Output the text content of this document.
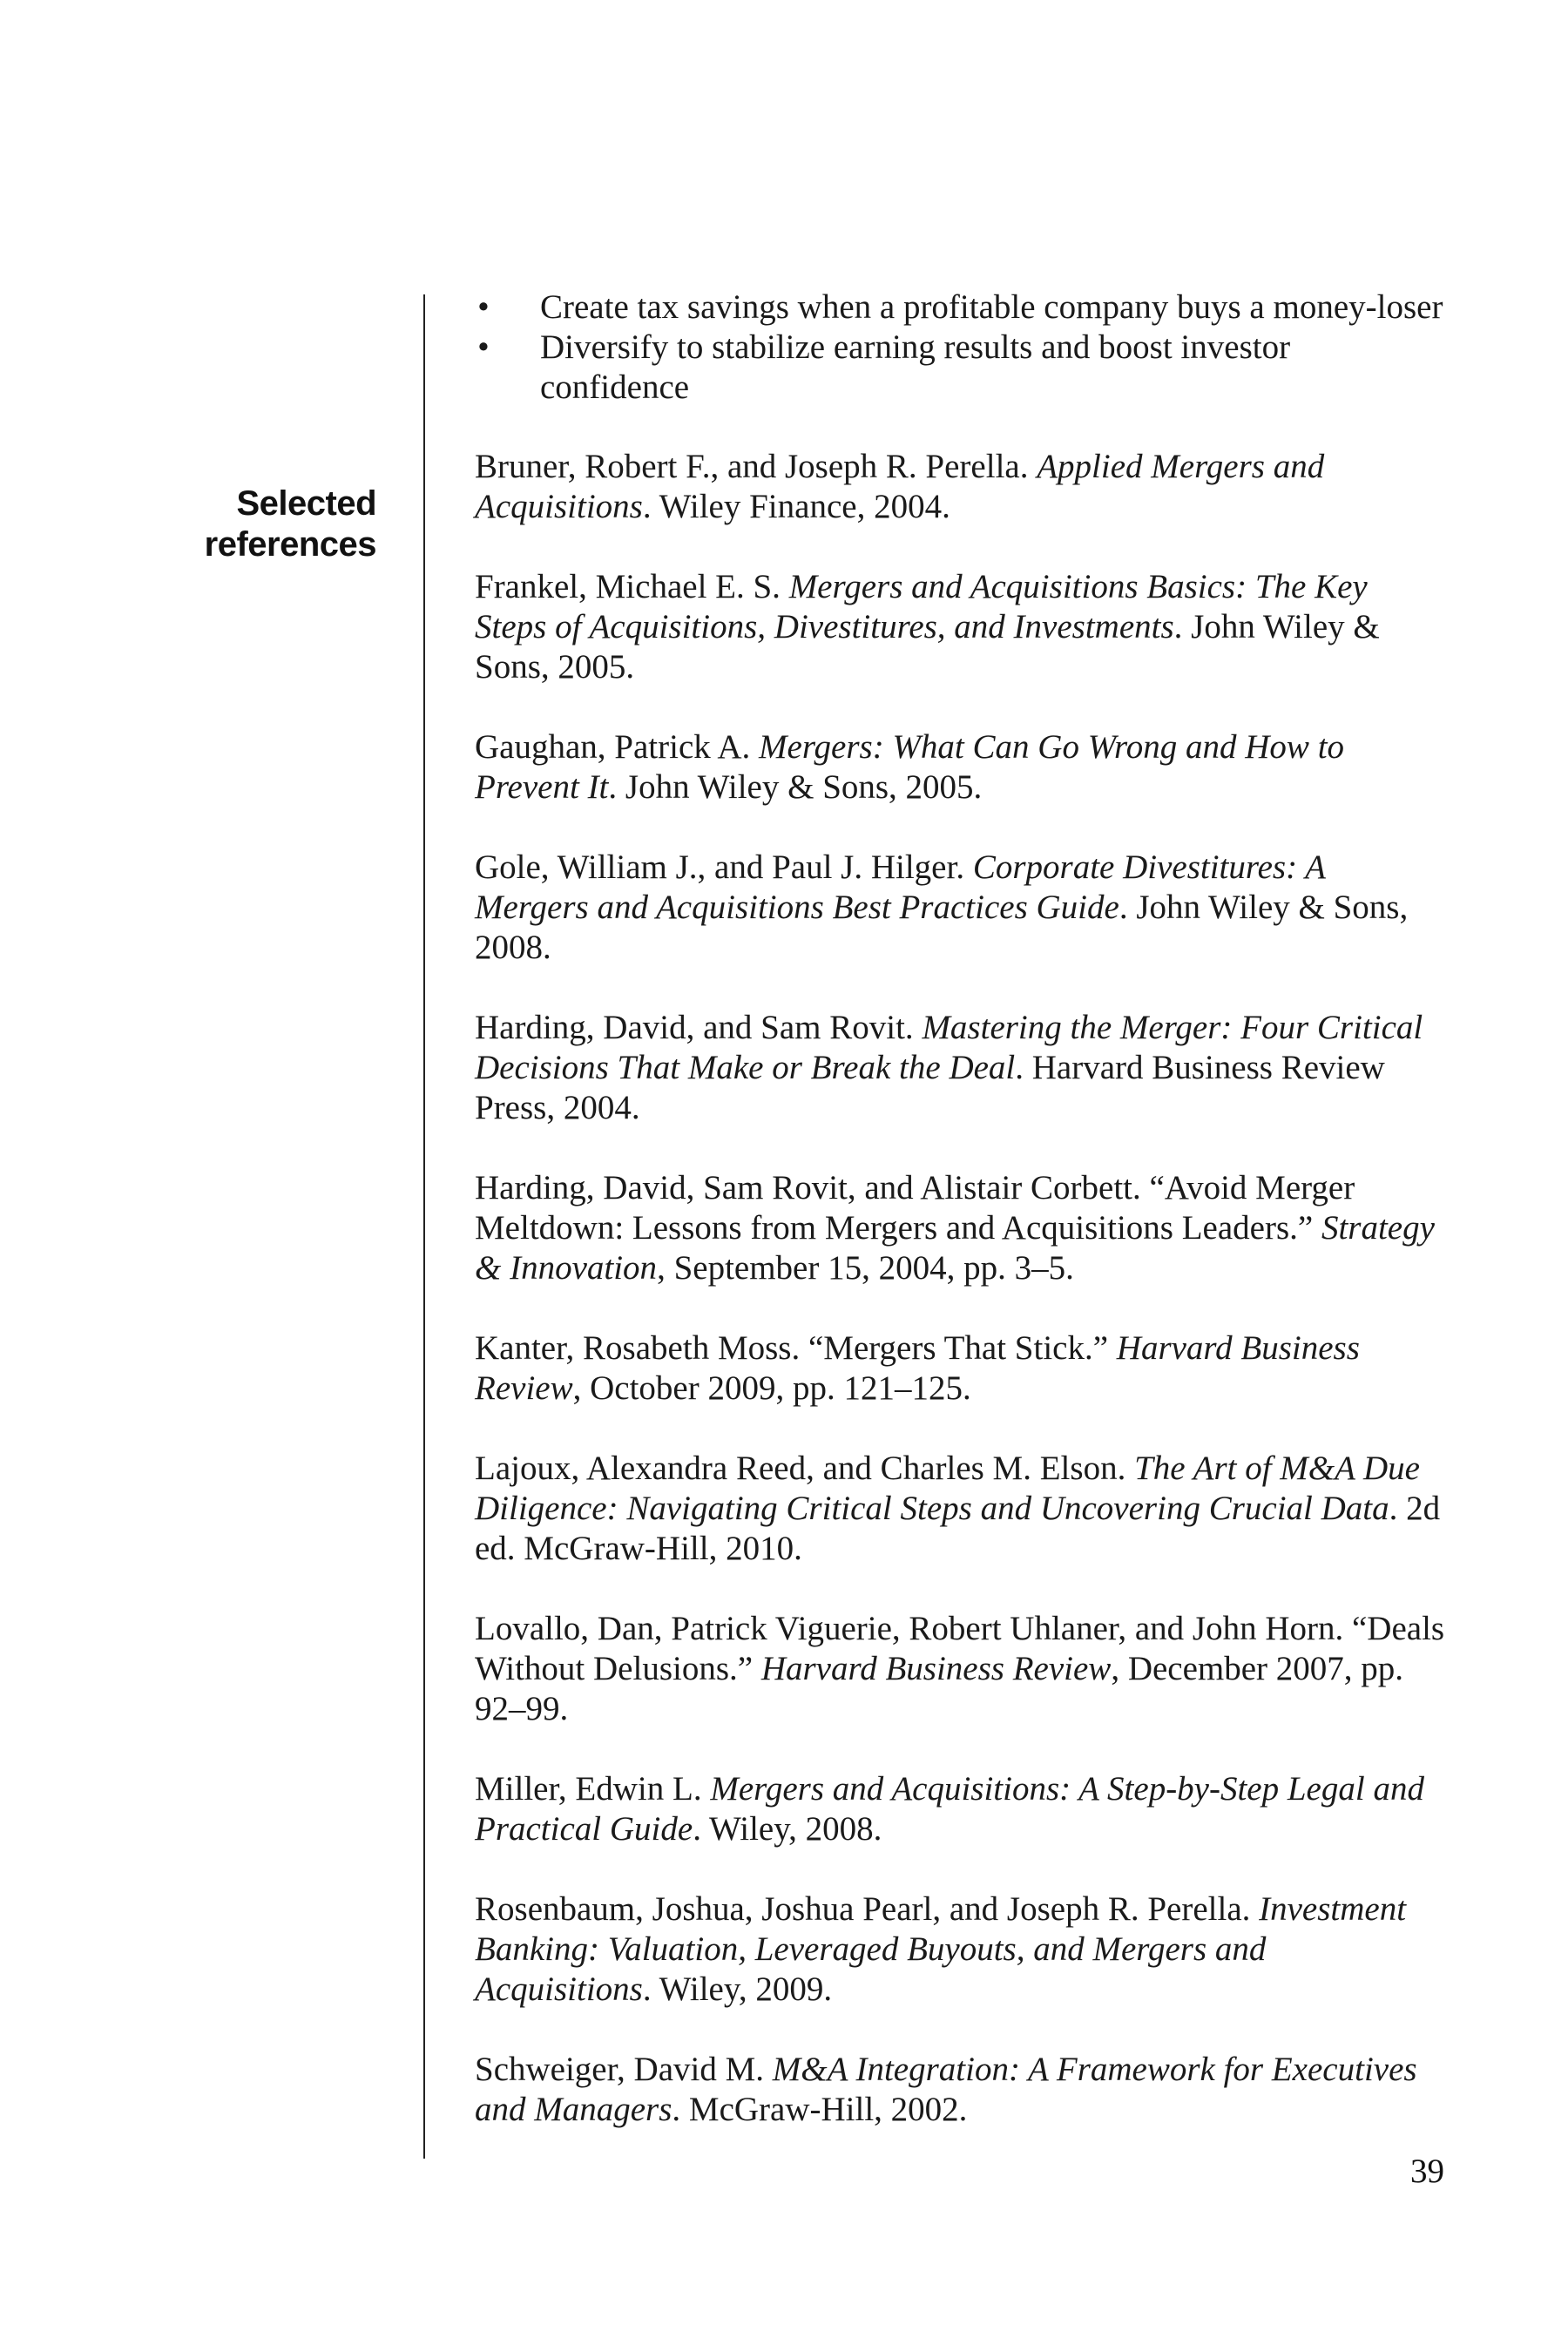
Selected references
• Create tax savings when a profitable company buys a money-loser
• Diversify to stabilize earning results and boost investor confidence

Bruner, Robert F., and Joseph R. Perella. Applied Mergers and Acquisitions. Wiley Finance, 2004.

Frankel, Michael E. S. Mergers and Acquisitions Basics: The Key Steps of Acquisitions, Divestitures, and Investments. John Wiley & Sons, 2005.

Gaughan, Patrick A. Mergers: What Can Go Wrong and How to Prevent It. John Wiley & Sons, 2005.

Gole, William J., and Paul J. Hilger. Corporate Divestitures: A Mergers and Acquisitions Best Practices Guide. John Wiley & Sons, 2008.

Harding, David, and Sam Rovit. Mastering the Merger: Four Critical Decisions That Make or Break the Deal. Harvard Business Review Press, 2004.

Harding, David, Sam Rovit, and Alistair Corbett. “Avoid Merger Meltdown: Lessons from Mergers and Acquisitions Leaders.” Strategy & Innovation, September 15, 2004, pp. 3–5.

Kanter, Rosabeth Moss. “Mergers That Stick.” Harvard Business Review, October 2009, pp. 121–125.

Lajoux, Alexandra Reed, and Charles M. Elson. The Art of M&A Due Diligence: Navigating Critical Steps and Uncovering Crucial Data. 2d ed. McGraw-Hill, 2010.

Lovallo, Dan, Patrick Viguerie, Robert Uhlaner, and John Horn. “Deals Without Delusions.” Harvard Business Review, December 2007, pp. 92–99.

Miller, Edwin L. Mergers and Acquisitions: A Step-by-Step Legal and Practical Guide. Wiley, 2008.

Rosenbaum, Joshua, Joshua Pearl, and Joseph R. Perella. Investment Banking: Valuation, Leveraged Buyouts, and Mergers and Acquisitions. Wiley, 2009.

Schweiger, David M. M&A Integration: A Framework for Executives and Managers. McGraw-Hill, 2002.

39
